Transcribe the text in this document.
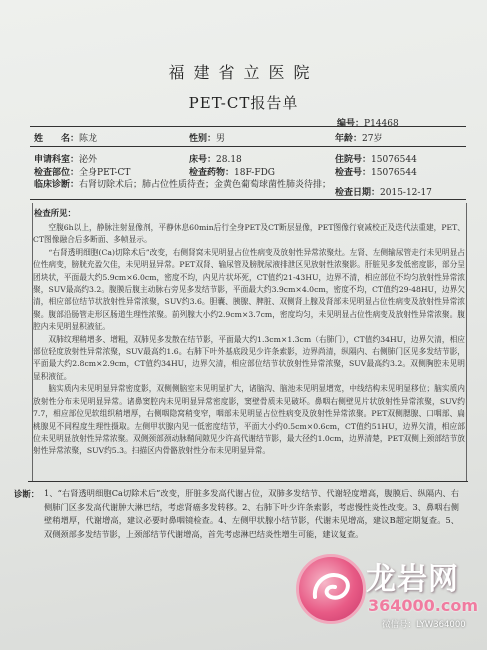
福建省立医院
PET-CT报告单
编号：P14468
姓　　名：陈龙	性别：男	年龄：27岁
申请科室：泌外	床号：28.18	住院号：15076544
检查部位：全身PET-CT	检查药物：18F-FDG	检查号：15076544
临床诊断：右肾切除术后；肺占位性质待查；金黄色葡萄球菌性肺炎待排；
检查日期：2015-12-17
检查所见：

空腹6h以上，静脉注射显像剂，平静休息60min后行全身PET及CT断层显像，PET图像行衰减校正及迭代法重建，PET、CT图像融合后多断面、多帧显示。

“右肾透明细胞(Ca)切除术后”改变，右侧肾窝未见明显占位性病变及放射性异常浓聚灶。左肾、左侧输尿管走行未见明显占位性病变，膀胱充盈欠佳，未见明显异常。PET双肾、输尿管及膀胱尿液排泄区见放射性浓聚影。肝脏见多发低密度影，部分呈团块状，平面最大约5.9cm×6.0cm，密度不均，内见片状坏死，CT值约21-43HU，边界不清，相应部位不均匀放射性异常浓聚，SUV最高约3.2。腹膜后腹主动脉右旁见多发结节影，平面最大约3.9cm×4.0cm，密度不均，CT值约29-48HU，边界欠清，相应部位结节状放射性异常浓聚，SUV约3.6。胆囊、胰腺、脾脏、双侧肾上腺及肾部未见明显占位性病变及放射性异常浓聚。腹部沿肠管走形区肠道生理性浓聚。前列腺大小约2.9cm×3.7cm，密度均匀，未见明显占位性病变及放射性异常浓聚。腹腔内未见明显积液征。

双肺纹理稍增多、增粗，双肺见多发散在结节影，平面最大约1.3cm×1.3cm（右肺门），CT值约34HU，边界欠清，相应部位轻度放射性异常浓聚，SUV最高约1.6。右肺下叶外基底段见少许条索影，边界尚清，纵隔内、右侧肺门区见多发结节影，平面最大约2.8cm×2.9cm，CT值约34HU，边界欠清，相应部位结节状放射性异常浓聚，SUV最高约3.2。双侧胸腔未见明显积液征。

脑实质内未见明显异常密度影，双侧侧脑室未见明显扩大，诸脑沟、脑池未见明显增宽，中线结构未见明显移位；脑实质内放射性分布未见明显异常。诸鼻窦腔内未见明显异常密度影，窦壁骨质未见破坏。鼻咽右侧壁见片状放射性异常浓聚，SUV约7.7，相应部位见软组织稍增厚，右侧咽隐窝稍变窄，咽部未见明显占位性病变及放射性异常浓聚。PET双侧腮腺、口咽部、扁桃腺见不同程度生理性摄取。左侧甲状腺内见一低密度结节，平面大小约0.5cm×0.6cm，CT值约51HU，边界欠清，相应部位未见明显放射性异常浓聚。双侧颈部颈动脉鞘间隙见少许高代谢结节影，最大径约1.0cm，边界清楚，PET双侧上颈部结节放射性异常浓聚，SUV约5.3。扫描区内骨骼放射性分布未见明显异常。

诊断： 1、“右肾透明细胞Ca切除术后”改变，肝脏多发高代谢占位，双肺多发结节、代谢轻度增高，腹膜后、纵隔内、右侧肺门区多发高代谢肿大淋巴结，考虑肾癌多发转移。2、右肺下叶少许条索影，考虑慢性炎性改变。3、鼻咽右侧壁稍增厚，代谢增高，建议必要时鼻咽镜检查。4、左侧甲状腺小结节影，代谢未见增高，建议B超定期复查。5、双侧颈部多发结节影，上颈部结节代谢增高，首先考虑淋巴结炎性增生可能，建议复查。
龙岩网
364000.com
微信号：LYW364000
